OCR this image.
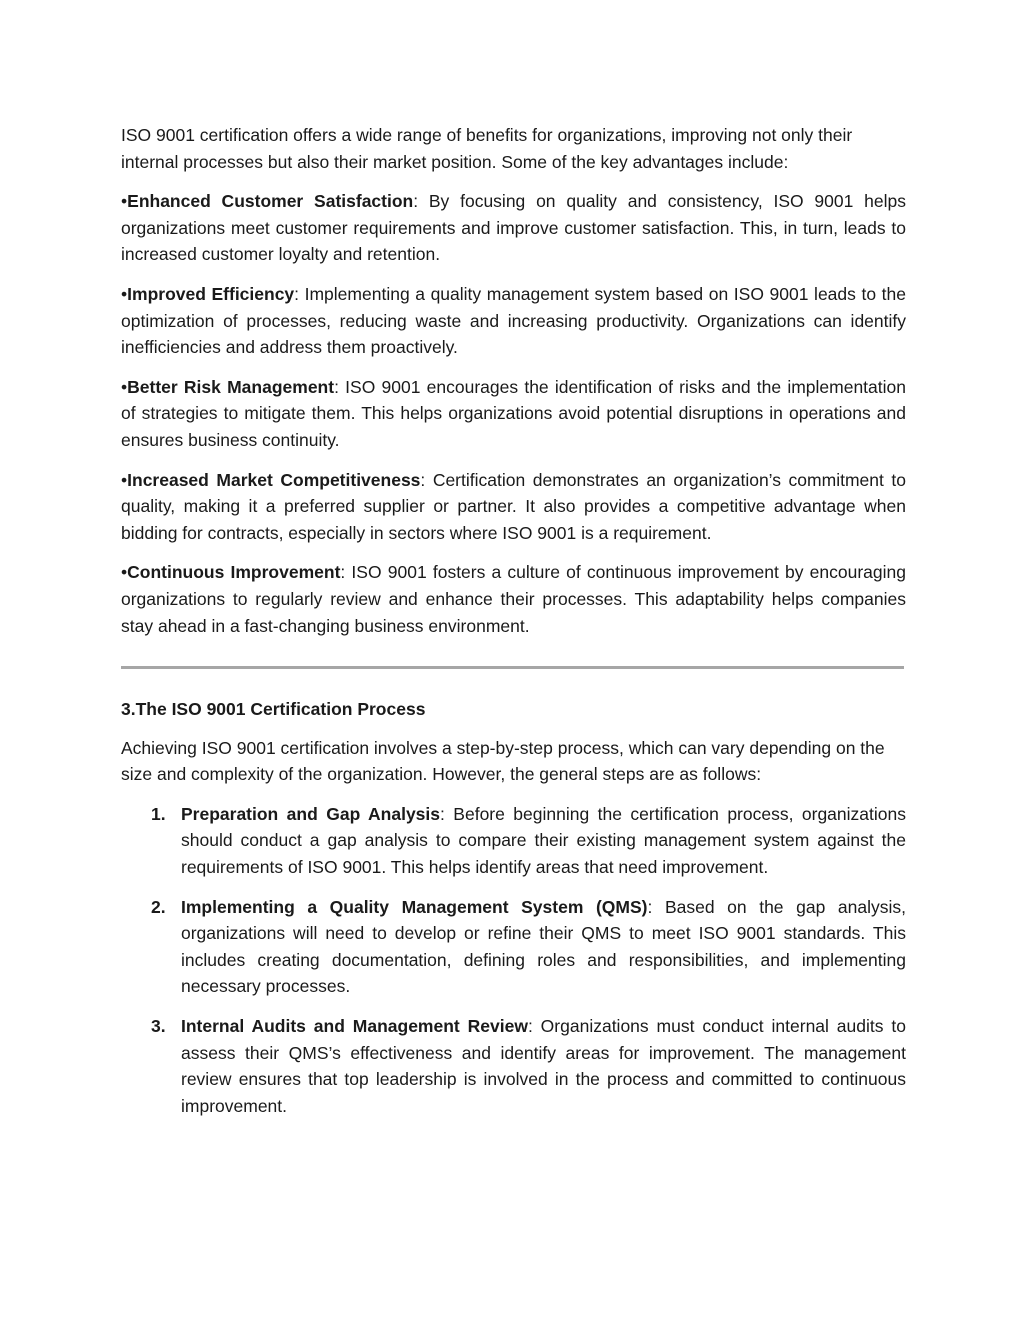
ISO 9001 certification offers a wide range of benefits for organizations, improving not only their internal processes but also their market position. Some of the key advantages include:

•Enhanced Customer Satisfaction: By focusing on quality and consistency, ISO 9001 helps organizations meet customer requirements and improve customer satisfaction. This, in turn, leads to increased customer loyalty and retention.

•Improved Efficiency: Implementing a quality management system based on ISO 9001 leads to the optimization of processes, reducing waste and increasing productivity. Organizations can identify inefficiencies and address them proactively.

•Better Risk Management: ISO 9001 encourages the identification of risks and the implementation of strategies to mitigate them. This helps organizations avoid potential disruptions in operations and ensures business continuity.

•Increased Market Competitiveness: Certification demonstrates an organization’s commitment to quality, making it a preferred supplier or partner. It also provides a competitive advantage when bidding for contracts, especially in sectors where ISO 9001 is a requirement.

•Continuous Improvement: ISO 9001 fosters a culture of continuous improvement by encouraging organizations to regularly review and enhance their processes. This adaptability helps companies stay ahead in a fast-changing business environment.

3.The ISO 9001 Certification Process

Achieving ISO 9001 certification involves a step-by-step process, which can vary depending on the size and complexity of the organization. However, the general steps are as follows:

1. Preparation and Gap Analysis: Before beginning the certification process, organizations should conduct a gap analysis to compare their existing management system against the requirements of ISO 9001. This helps identify areas that need improvement.

2. Implementing a Quality Management System (QMS): Based on the gap analysis, organizations will need to develop or refine their QMS to meet ISO 9001 standards. This includes creating documentation, defining roles and responsibilities, and implementing necessary processes.

3. Internal Audits and Management Review: Organizations must conduct internal audits to assess their QMS’s effectiveness and identify areas for improvement. The management review ensures that top leadership is involved in the process and committed to continuous improvement.
